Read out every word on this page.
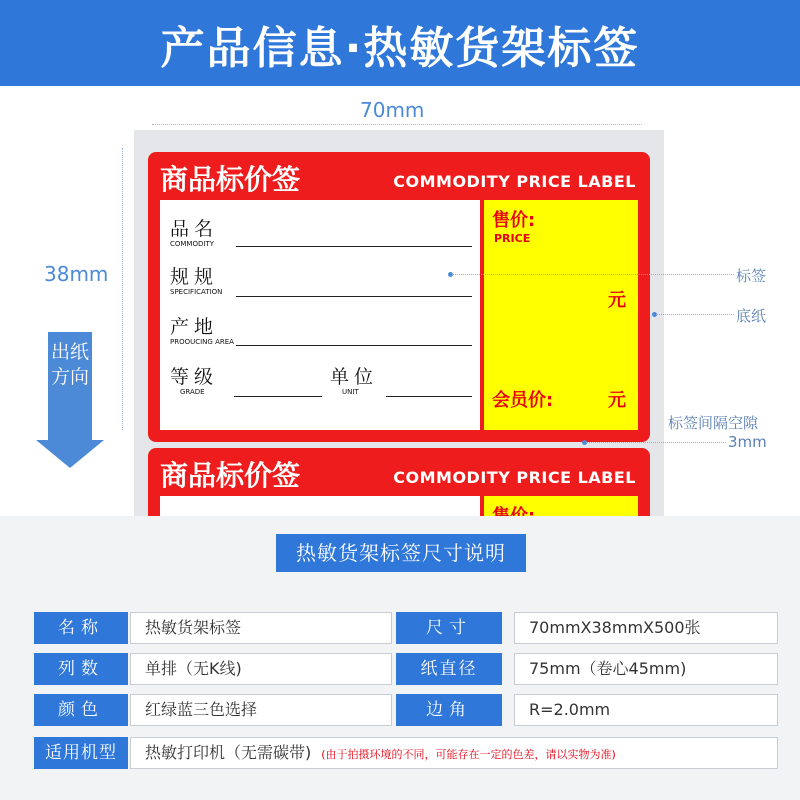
产品信息·热敏货架标签
70mm
38mm
出纸方向
商品标价签	COMMODITY PRICE LABEL
品名
COMMODITY
规规
SPECIFICATION
产地
PROOUCING AREA
等级
GRADE
单位
UNIT
售价:
PRICE
元
会员价:	元
商品标价签	COMMODITY PRICE LABEL
标签
底纸
标签间隔空隙
3mm
热敏货架标签尺寸说明
名称	热敏货架标签	尺寸	70mmX38mmX500张
列数	单排（无K线)	纸直径	75mm（卷心45mm)
颜色	红绿蓝三色选择	边角	R=2.0mm
适用机型	热敏打印机（无需碳带) (由于拍摄环境的不同，可能存在一定的色差，请以实物为准)
